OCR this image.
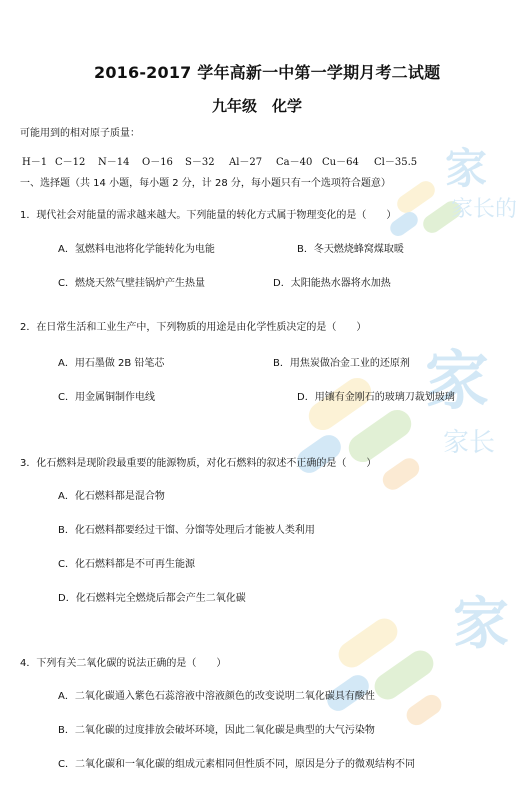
家
家长的
家
家长
家
2016-2017 学年高新一中第一学期月考二试题
九年级　化学
可能用到的相对原子质量：
H－1 C－12 N－14 O－16 S－32 Al－27 Ca－40 Cu－64 Cl－35.5
一、选择题（共 14 小题，每小题 2 分，计 28 分，每小题只有一个选项符合题意）
1．现代社会对能量的需求越来越大。下列能量的转化方式属于物理变化的是（　　）
A．氢燃料电池将化学能转化为电能	B．冬天燃烧蜂窝煤取暖
C．燃烧天然气壁挂锅炉产生热量	D．太阳能热水器将水加热
2．在日常生活和工业生产中，下列物质的用途是由化学性质决定的是（　　）
A．用石墨做 2B 铅笔芯	B．用焦炭做冶金工业的还原剂
C．用金属铜制作电线	D．用镶有金刚石的玻璃刀裁划玻璃
3．化石燃料是现阶段最重要的能源物质，对化石燃料的叙述不正确的是（　　）
A．化石燃料都是混合物
B．化石燃料都要经过干馏、分馏等处理后才能被人类利用
C．化石燃料都是不可再生能源
D．化石燃料完全燃烧后都会产生二氧化碳
4．下列有关二氧化碳的说法正确的是（　　）
A．二氧化碳通入紫色石蕊溶液中溶液颜色的改变说明二氧化碳具有酸性
B．二氧化碳的过度排放会破坏环境，因此二氧化碳是典型的大气污染物
C．二氧化碳和一氧化碳的组成元素相同但性质不同，原因是分子的微观结构不同
